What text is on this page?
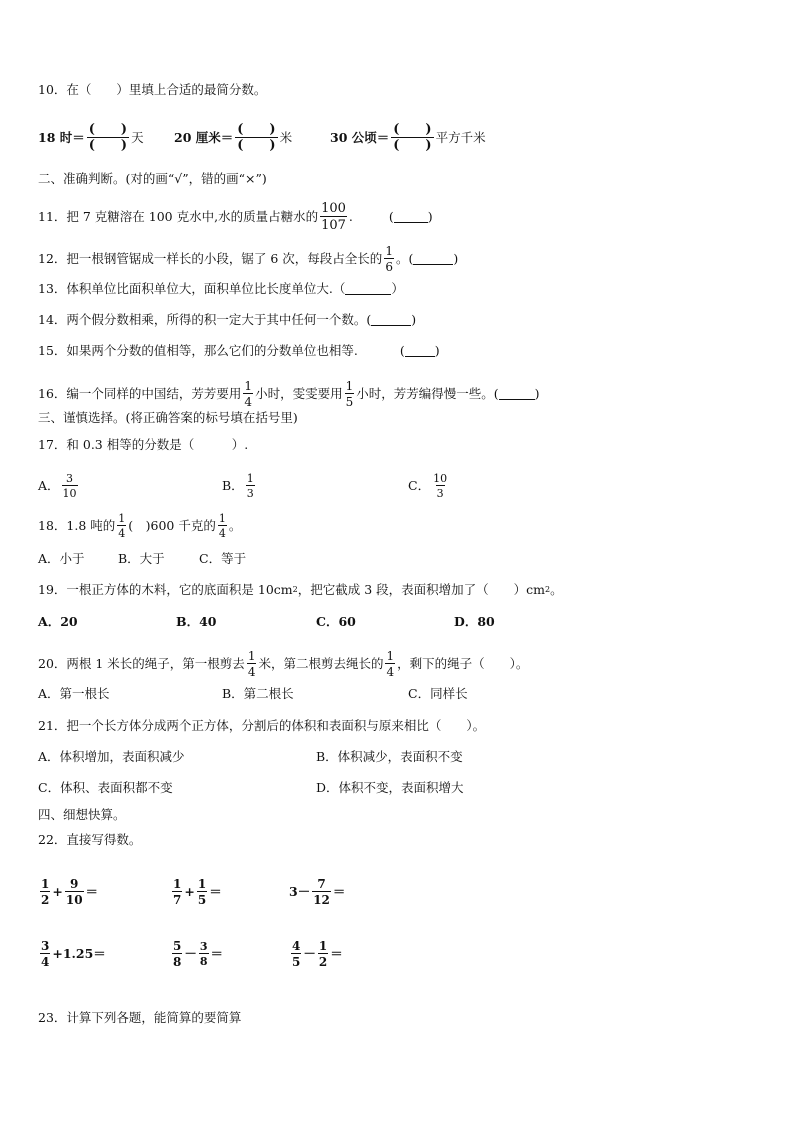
10．在（　　）里填上合适的最简分数。
18 时＝ $\frac{( )}{( )}$ 天 20 厘米＝ $\frac{( )}{( )}$ 米	30 公顷＝ $\frac{( )}{( )}$ 平方千米
二、准确判断。(对的画“√”，错的画“×”)
11．把 7 克糖溶在 100 克水中,水的质量占糖水的 $\frac{100}{107}$ .	(	)
12．把一根钢管锯成一样长的小段，锯了 6 次，每段占全长的 $\frac{1}{6}$ 。(	)
13．体积单位比面积单位大，面积单位比长度单位大.（	）
14．两个假分数相乘，所得的积一定大于其中任何一个数。(	)
15．如果两个分数的值相等，那么它们的分数单位也相等.	( )
16．编一个同样的中国结，芳芳要用 $\frac{1}{4}$ 小时，雯雯要用 $\frac{1}{5}$ 小时，芳芳编得慢一些。(	)
三、谨慎选择。(将正确答案的标号填在括号里)
17．和 0.3 相等的分数是（　　　）.
A． $\frac{3}{10}$	B． $\frac{1}{3}$	C． $\frac{10}{3}$
18．1.8 吨的 $\frac{1}{4}$ (　)600 千克的 $\frac{1}{4}$ 。
A．小于	B．大于	C．等于
19．一根正方体的木料，它的底面积是 10cm 2 ，把它截成 3 段，表面积增加了（　　）cm 2 。
A．20	B．40	C．60	D．80
20．两根 1 米长的绳子，第一根剪去 $\frac{1}{4}$ 米，第二根剪去绳长的 $\frac{1}{4}$ ，剩下的绳子（　　）。
A．第一根长	B．第二根长	C．同样长
21．把一个长方体分成两个正方体，分割后的体积和表面积与原来相比（　　）。
A．体积增加，表面积减少	B．体积减少，表面积不变
C．体积、表面积都不变	D．体积不变，表面积增大
四、细想快算。
22．直接写得数。
$\frac{1}{2} + \frac{9}{10}$ ＝	$\frac{1}{7} + \frac{1}{5}$ ＝	$3- \frac{7}{12}$ ＝
$\frac{3}{4} +1.25=$	$\frac{5}{8} - \frac{3}{8}$ ＝	$\frac{4}{5} - \frac{1}{2}$ ＝
23．计算下列各题，能简算的要简算
